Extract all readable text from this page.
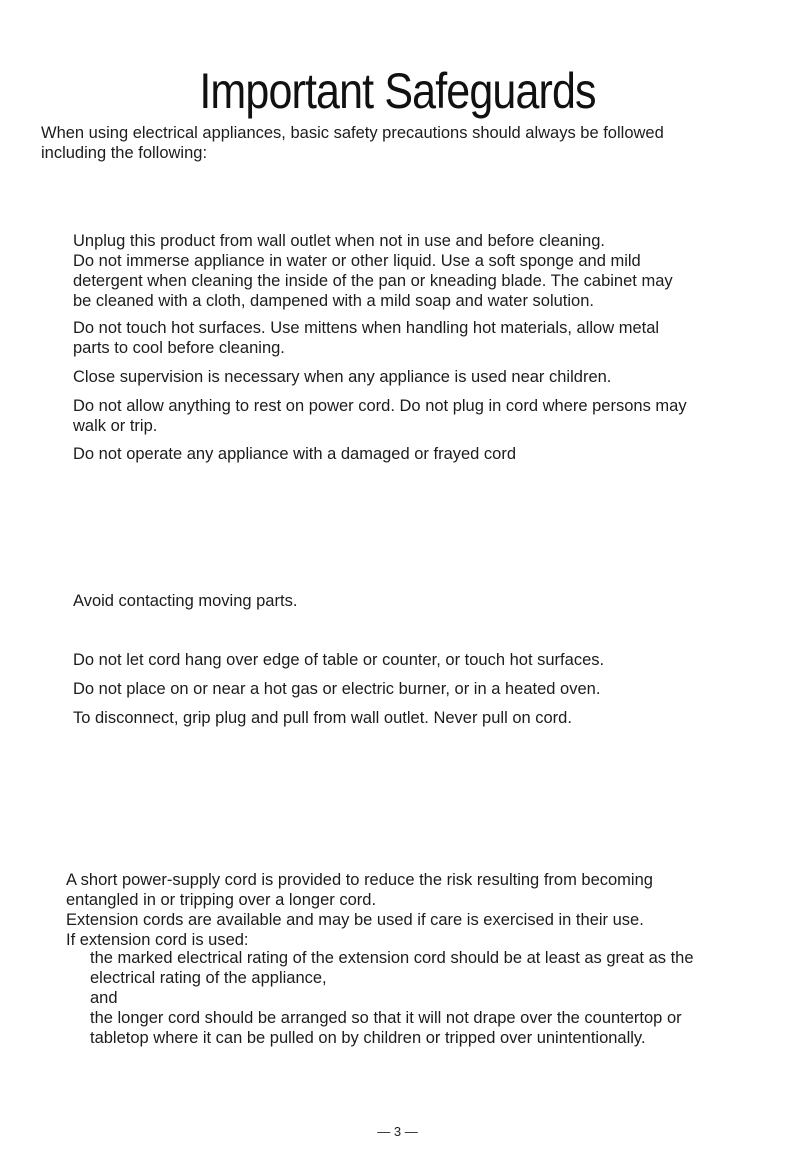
Important Safeguards

When using electrical appliances, basic safety precautions should always be followed
including the following:

Unplug this product from wall outlet when not in use and before cleaning.
Do not immerse appliance in water or other liquid. Use a soft sponge and mild
detergent when cleaning the inside of the pan or kneading blade. The cabinet may
be cleaned with a cloth, dampened with a mild soap and water solution.

Do not touch hot surfaces. Use mittens when handling hot materials, allow metal
parts to cool before cleaning.

Close supervision is necessary when any appliance is used near children.

Do not allow anything to rest on power cord. Do not plug in cord where persons may
walk or trip.

Do not operate any appliance with a damaged or frayed cord

Avoid contacting moving parts.

Do not let cord hang over edge of table or counter, or touch hot surfaces.

Do not place on or near a hot gas or electric burner, or in a heated oven.

To disconnect, grip plug and pull from wall outlet. Never pull on cord.

A short power-supply cord is provided to reduce the risk resulting from becoming
entangled in or tripping over a longer cord.
Extension cords are available and may be used if care is exercised in their use.
If extension cord is used:

the marked electrical rating of the extension cord should be at least as great as the
electrical rating of the appliance,
and
the longer cord should be arranged so that it will not drape over the countertop or
tabletop where it can be pulled on by children or tripped over unintentionally.

— 3 —
